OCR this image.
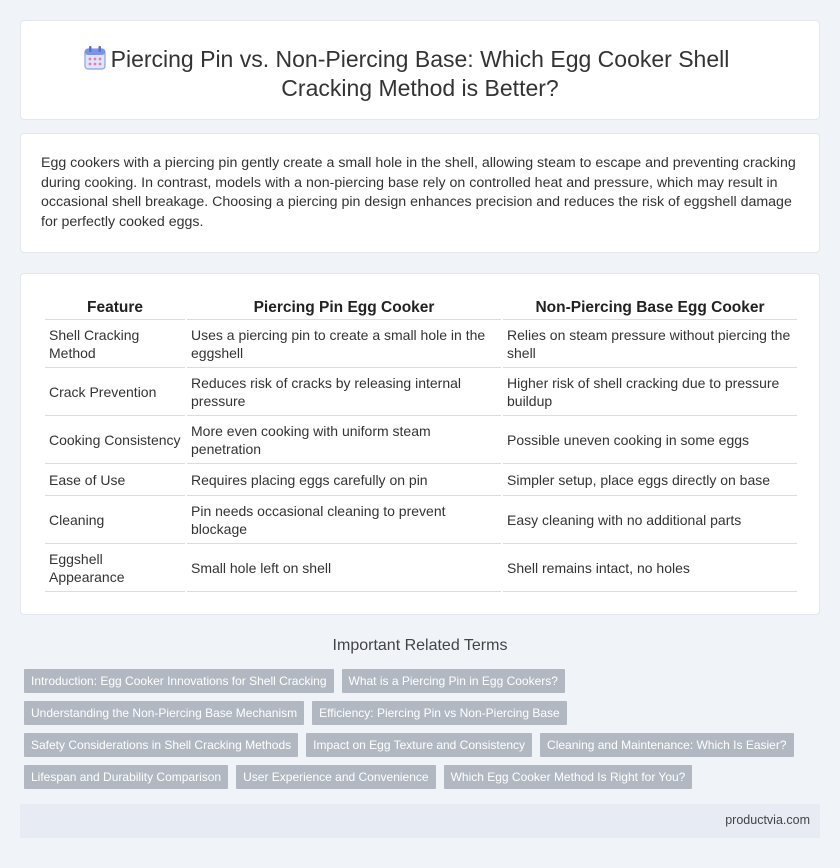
Piercing Pin vs. Non-Piercing Base: Which Egg Cooker Shell Cracking Method is Better?

Egg cookers with a piercing pin gently create a small hole in the shell, allowing steam to escape and preventing cracking during cooking. In contrast, models with a non-piercing base rely on controlled heat and pressure, which may result in occasional shell breakage. Choosing a piercing pin design enhances precision and reduces the risk of eggshell damage for perfectly cooked eggs.

Feature	Piercing Pin Egg Cooker	Non-Piercing Base Egg Cooker
Shell Cracking Method	Uses a piercing pin to create a small hole in the eggshell	Relies on steam pressure without piercing the shell
Crack Prevention	Reduces risk of cracks by releasing internal pressure	Higher risk of shell cracking due to pressure buildup
Cooking Consistency	More even cooking with uniform steam penetration	Possible uneven cooking in some eggs
Ease of Use	Requires placing eggs carefully on pin	Simpler setup, place eggs directly on base
Cleaning	Pin needs occasional cleaning to prevent blockage	Easy cleaning with no additional parts
Eggshell Appearance	Small hole left on shell	Shell remains intact, no holes
Important Related Terms
Introduction: Egg Cooker Innovations for Shell Cracking	What is a Piercing Pin in Egg Cookers?
Understanding the Non-Piercing Base Mechanism	Efficiency: Piercing Pin vs Non-Piercing Base
Safety Considerations in Shell Cracking Methods	Impact on Egg Texture and Consistency	Cleaning and Maintenance: Which Is Easier?
Lifespan and Durability Comparison	User Experience and Convenience	Which Egg Cooker Method Is Right for You?
productvia.com
